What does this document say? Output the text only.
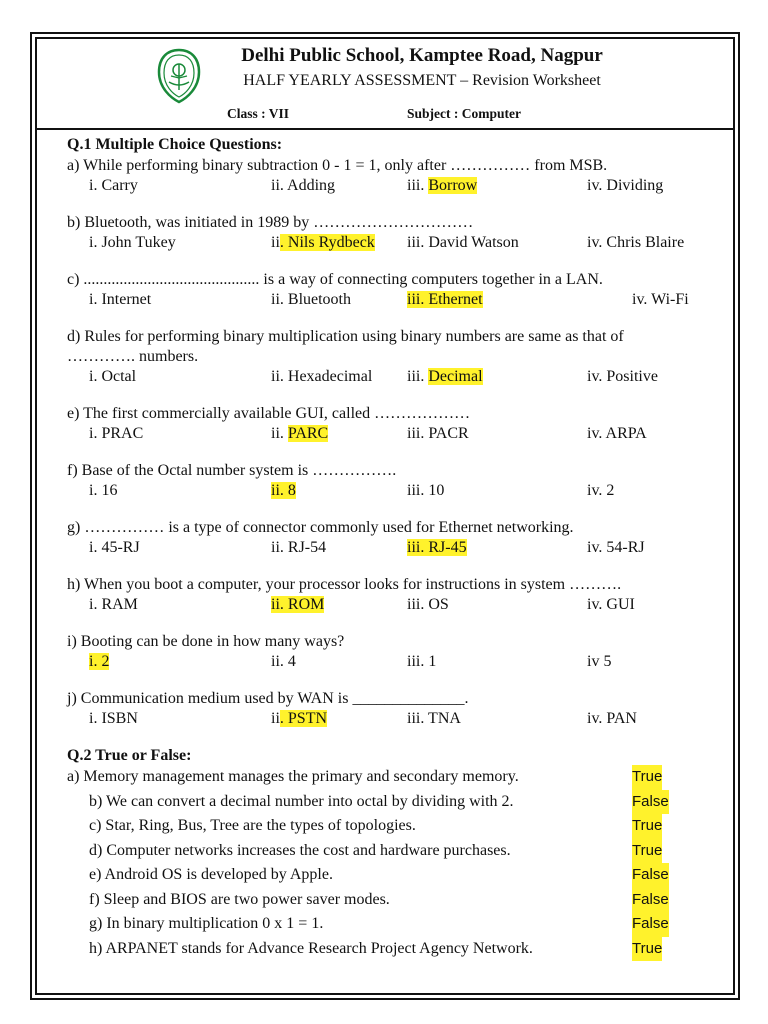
Delhi Public School, Kamptee Road, Nagpur
HALF YEARLY ASSESSMENT – Revision Worksheet
Class : VII	Subject : Computer
Q.1 Multiple Choice Questions:
a) While performing binary subtraction 0 - 1 = 1, only after …………… from MSB.
i. Carry	ii. Adding	iii. Borrow	iv. Dividing
b) Bluetooth, was initiated in 1989 by …………………………
i. John Tukey	ii. Nils Rydbeck iii. David Watson	iv. Chris Blaire
c) ............................................ is a way of connecting computers together in a LAN.
i. Internet	ii. Bluetooth	iii. Ethernet	iv. Wi-Fi
d) Rules for performing binary multiplication using binary numbers are same as that of
…………. numbers.
i. Octal	ii. Hexadecimal iii. Decimal	iv. Positive
e) The first commercially available GUI, called ………………
i. PRAC	ii. PARC	iii. PACR	iv. ARPA
f) Base of the Octal number system is …………….
i. 16	ii. 8	iii. 10	iv. 2
g) …………… is a type of connector commonly used for Ethernet networking.
i. 45-RJ	ii. RJ-54	iii. RJ-45	iv. 54-RJ
h) When you boot a computer, your processor looks for instructions in system ……….
i. RAM	ii. ROM	iii. OS	iv. GUI
i) Booting can be done in how many ways?
i. 2	ii. 4	iii. 1	iv 5
j) Communication medium used by WAN is ______________.
i. ISBN	ii. PSTN	iii. TNA	iv. PAN
Q.2 True or False:
a) Memory management manages the primary and secondary memory.	True
b) We can convert a decimal number into octal by dividing with 2.	False
c) Star, Ring, Bus, Tree are the types of topologies.	True
d) Computer networks increases the cost and hardware purchases.	True
e) Android OS is developed by Apple.	False
f) Sleep and BIOS are two power saver modes.	False
g) In binary multiplication 0 x 1 = 1.	False
h) ARPANET stands for Advance Research Project Agency Network.	True
